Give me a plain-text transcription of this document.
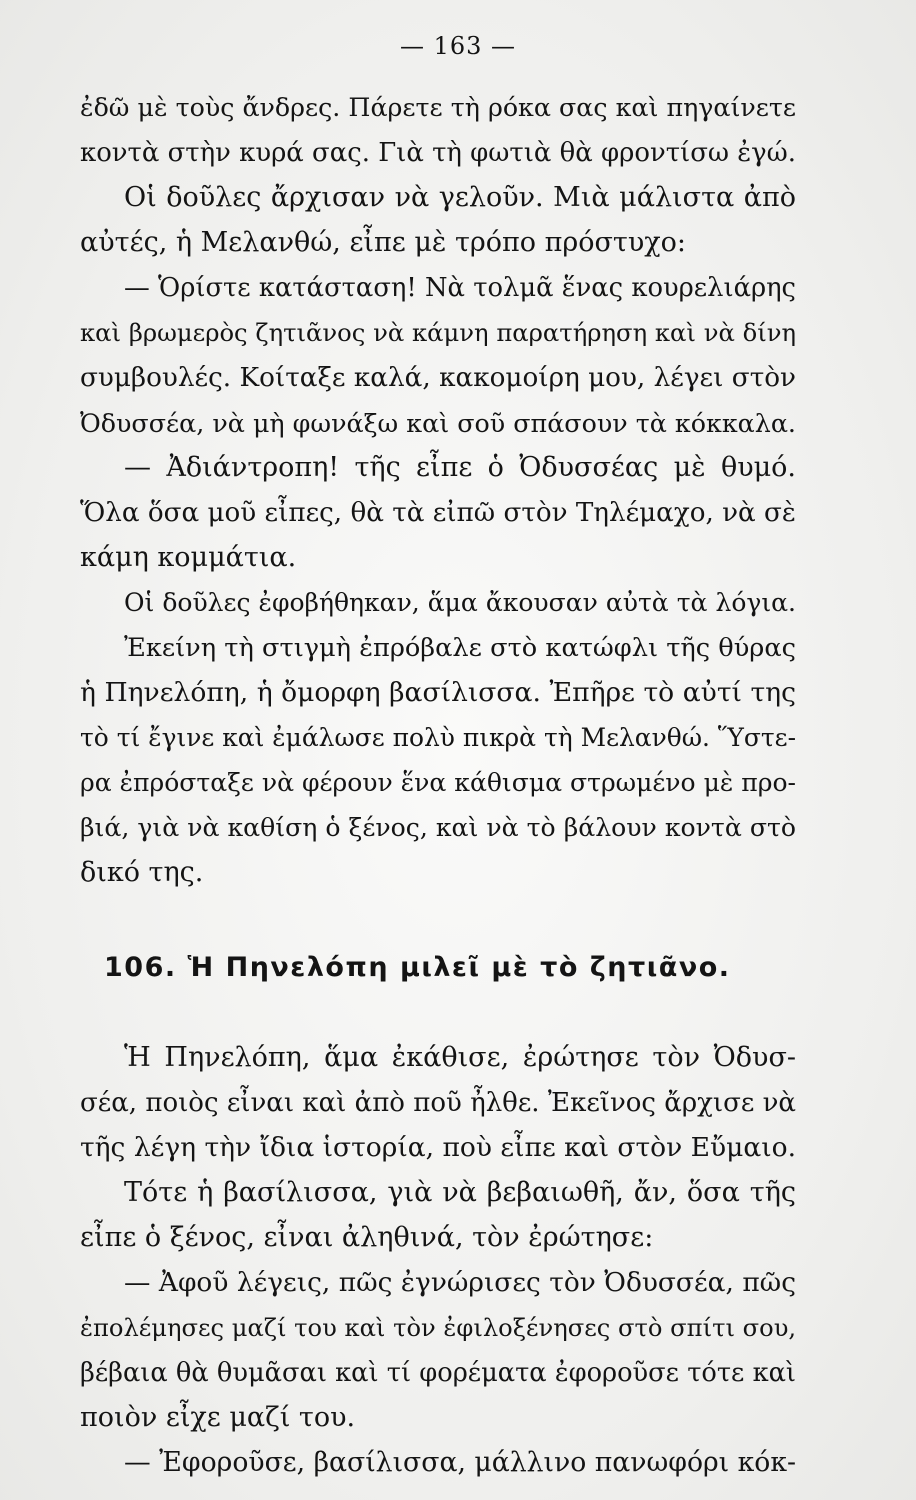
— 163 —
ἐδῶ μὲ τοὺς ἄνδρες. Πάρετε τὴ ρόκα σας καὶ πηγαίνετε
κοντὰ στὴν κυρά σας. Γιὰ τὴ φωτιὰ θὰ φροντίσω ἐγώ.
Οἱ δοῦλες ἄρχισαν νὰ γελοῦν. Μιὰ μάλιστα ἀπὸ
αὐτές, ἡ Μελανθώ, εἶπε μὲ τρόπο πρόστυχο:
— Ὁρίστε κατάσταση! Νὰ τολμᾶ ἕνας κουρελιάρης
καὶ βρωμερὸς ζητιᾶνος νὰ κάμνη παρατήρηση καὶ νὰ δίνη
συμβουλές. Κοίταξε καλά, κακομοίρη μου, λέγει στὸν
Ὀδυσσέα, νὰ μὴ φωνάξω καὶ σοῦ σπάσουν τὰ κόκκαλα.
— Ἀδιάντροπη! τῆς εἶπε ὁ Ὀδυσσέας μὲ θυμό.
Ὅλα ὅσα μοῦ εἶπες, θὰ τὰ εἰπῶ στὸν Τηλέμαχο, νὰ σὲ
κάμη κομμάτια.
Οἱ δοῦλες ἐφοβήθηκαν, ἅμα ἄκουσαν αὐτὰ τὰ λόγια.
Ἐκείνη τὴ στιγμὴ ἐπρόβαλε στὸ κατώφλι τῆς θύρας
ἡ Πηνελόπη, ἡ ὄμορφη βασίλισσα. Ἐπῆρε τὸ αὐτί της
τὸ τί ἔγινε καὶ ἐμάλωσε πολὺ πικρὰ τὴ Μελανθώ. Ὕστε-
ρα ἐπρόσταξε νὰ φέρουν ἕνα κάθισμα στρωμένο μὲ προ-
βιά, γιὰ νὰ καθίση ὁ ξένος, καὶ νὰ τὸ βάλουν κοντὰ στὸ
δικό της.
106. Ἡ Πηνελόπη μιλεῖ μὲ τὸ ζητιᾶνο.
Ἡ Πηνελόπη, ἅμα ἐκάθισε, ἐρώτησε τὸν Ὀδυσ-
σέα, ποιὸς εἶναι καὶ ἀπὸ ποῦ ἦλθε. Ἐκεῖνος ἄρχισε νὰ
τῆς λέγη τὴν ἴδια ἱστορία, ποὺ εἶπε καὶ στὸν Εὔμαιο.
Τότε ἡ βασίλισσα, γιὰ νὰ βεβαιωθῆ, ἄν, ὅσα τῆς
εἶπε ὁ ξένος, εἶναι ἀληθινά, τὸν ἐρώτησε:
— Ἀφοῦ λέγεις, πῶς ἐγνώρισες τὸν Ὀδυσσέα, πῶς
ἐπολέμησες μαζί του καὶ τὸν ἐφιλοξένησες στὸ σπίτι σου,
βέβαια θὰ θυμᾶσαι καὶ τί φορέματα ἐφοροῦσε τότε καὶ
ποιὸν εἶχε μαζί του.
— Ἐφοροῦσε, βασίλισσα, μάλλινο πανωφόρι κόκ-
